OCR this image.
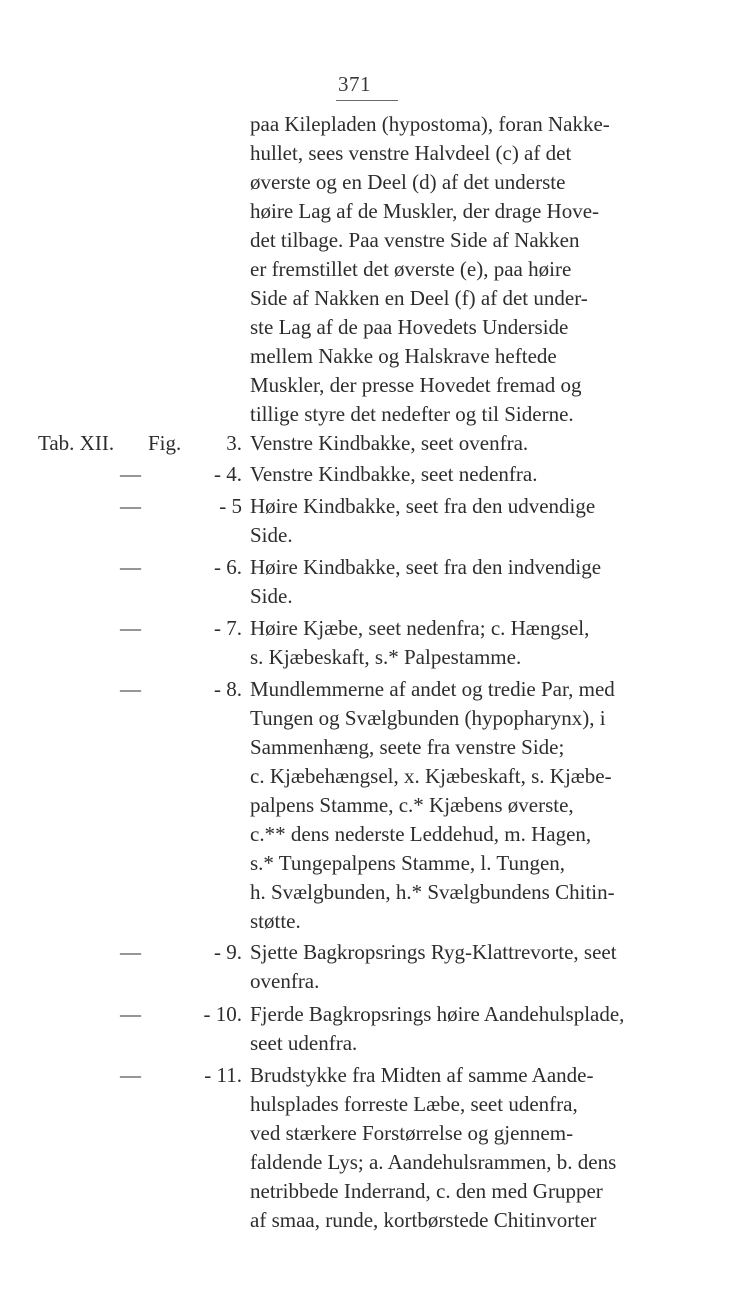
371
paa Kilepladen (hypostoma), foran Nakke-
hullet, sees venstre Halvdeel (c) af det
øverste og en Deel (d) af det underste
høire Lag af de Muskler, der drage Hove-
det tilbage. Paa venstre Side af Nakken
er fremstillet det øverste (e), paa høire
Side af Nakken en Deel (f) af det under-
ste Lag af de paa Hovedets Underside
mellem Nakke og Halskrave heftede
Muskler, der presse Hovedet fremad og
tillige styre det nedefter og til Siderne.
Tab. XII. Fig.	3. Venstre Kindbakke, seet ovenfra.
—	- 4. Venstre Kindbakke, seet nedenfra.
—	- 5 Høire Kindbakke, seet fra den udvendige
Side.
—	- 6. Høire Kindbakke, seet fra den indvendige
Side.
—	- 7. Høire Kjæbe, seet nedenfra; c. Hængsel,
s. Kjæbeskaft, s.* Palpestamme.
—	- 8. Mundlemmerne af andet og tredie Par, med
Tungen og Svælgbunden (hypopharynx), i
Sammenhæng, seete fra venstre Side;
c. Kjæbehængsel, x. Kjæbeskaft, s. Kjæbe-
palpens Stamme, c.* Kjæbens øverste,
c.** dens nederste Leddehud, m. Hagen,
s.* Tungepalpens Stamme, l. Tungen,
h. Svælgbunden, h.* Svælgbundens Chitin-
støtte.
—	- 9. Sjette Bagkropsrings Ryg-Klattrevorte, seet
ovenfra.
—	- 10. Fjerde Bagkropsrings høire Aandehulsplade,
seet udenfra.
—	- 11. Brudstykke fra Midten af samme Aande-
hulsplades forreste Læbe, seet udenfra,
ved stærkere Forstørrelse og gjennem-
faldende Lys; a. Aandehulsrammen, b. dens
netribbede Inderrand, c. den med Grupper
af smaa, runde, kortbørstede Chitinvorter
